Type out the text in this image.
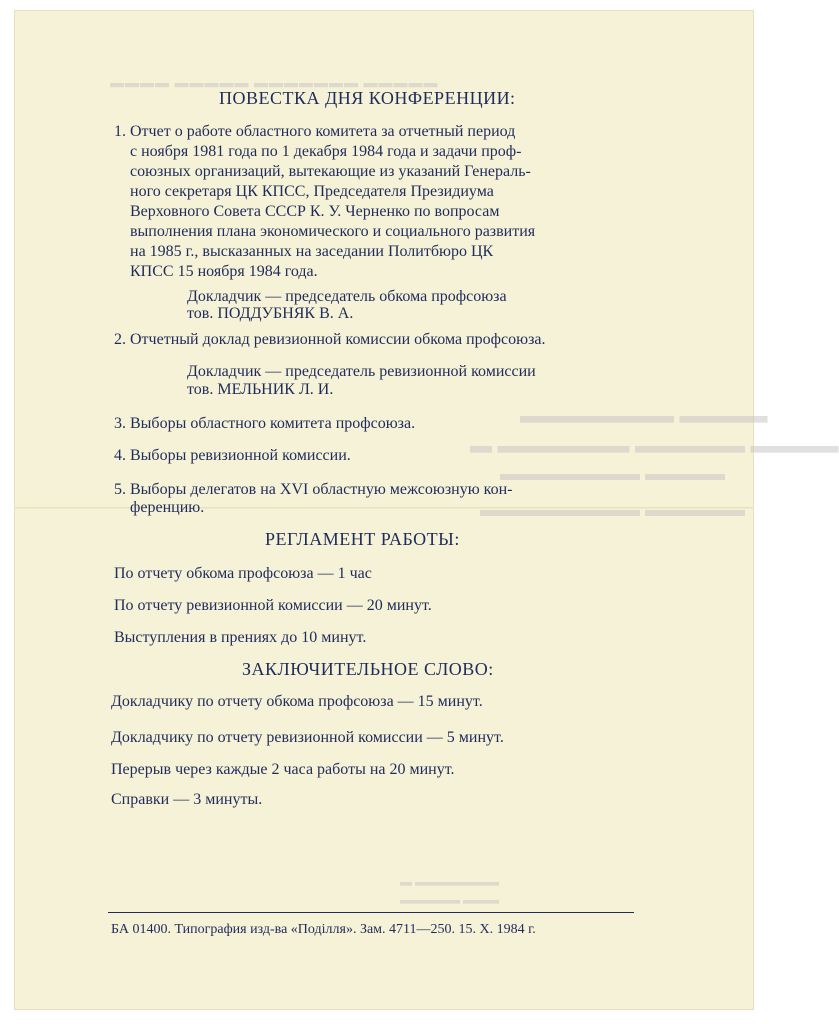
▬▬▬▬ ▬▬▬▬▬ ▬▬▬▬▬▬▬ ▬▬▬▬▬
▬▬▬▬▬▬▬ ▬▬▬▬
▬ ▬▬▬▬▬▬ ▬▬▬▬▬ ▬▬▬▬
▬▬▬▬▬▬▬ ▬▬▬▬
▬▬▬▬▬▬▬▬ ▬▬▬▬▬
▬ ▬▬▬▬▬▬▬
▬▬▬▬▬ ▬▬▬
ПОВЕСТКА ДНЯ КОНФЕРЕНЦИИ:
1. Отчет о работе областного комитета за отчетный период
с ноября 1981 года по 1 декабря 1984 года и задачи проф-
союзных организаций, вытекающие из указаний Генераль-
ного секретаря ЦК КПСС, Председателя Президиума
Верховного Совета СССР К. У. Черненко по вопросам
выполнения плана экономического и социального развития
на 1985 г., высказанных на заседании Политбюро ЦК
КПСС 15 ноября 1984 года.
Докладчик — председатель обкома профсоюза
тов. ПОДДУБНЯК В. А.
2. Отчетный доклад ревизионной комиссии обкома профсоюза.
Докладчик — председатель ревизионной комиссии
тов. МЕЛЬНИК Л. И.
3. Выборы областного комитета профсоюза.
4. Выборы ревизионной комиссии.
5. Выборы делегатов на XVI областную межсоюзную кон-
ференцию.
РЕГЛАМЕНТ РАБОТЫ:
По отчету обкома профсоюза — 1 час
По отчету ревизионной комиссии — 20 минут.
Выступления в прениях до 10 минут.
ЗАКЛЮЧИТЕЛЬНОЕ СЛОВО:
Докладчику по отчету обкома профсоюза — 15 минут.
Докладчику по отчету ревизионной комиссии — 5 минут.
Перерыв через каждые 2 часа работы на 20 минут.
Справки — 3 минуты.
БА 01400. Типография изд-ва «Поділля». Зам. 4711—250. 15. X. 1984 г.
